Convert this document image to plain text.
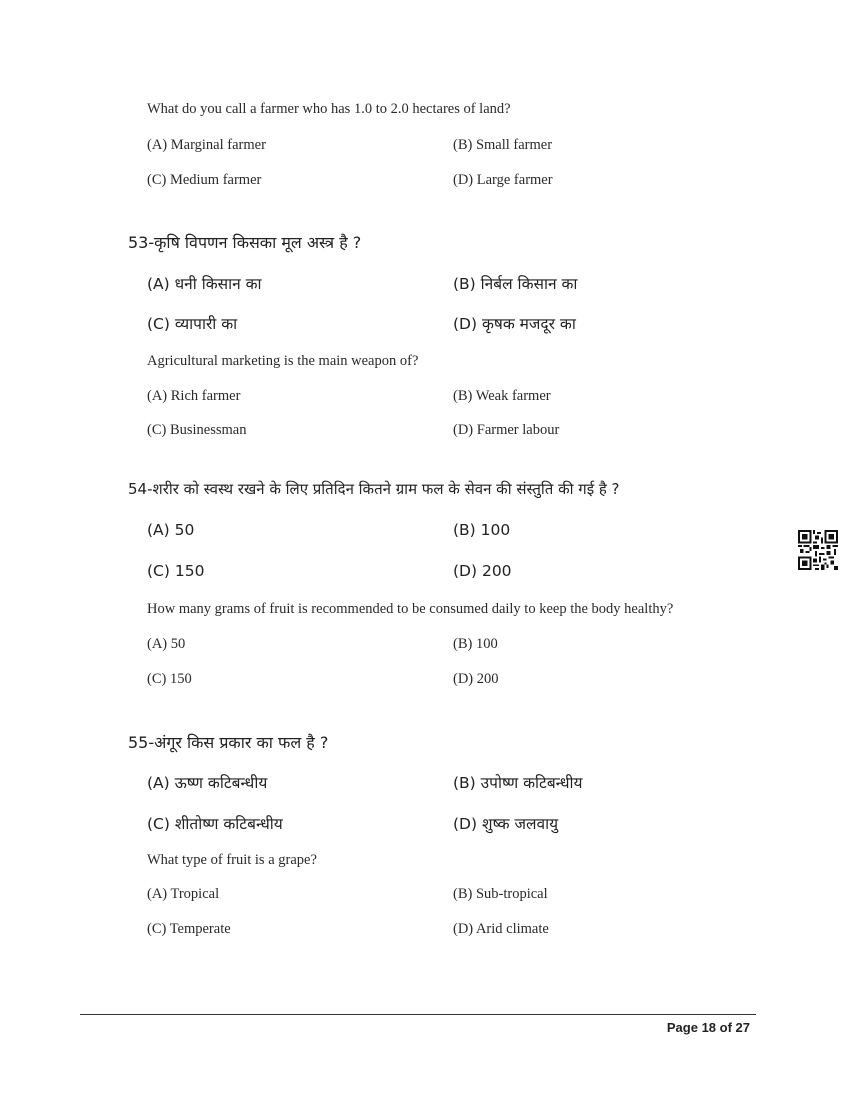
What do you call a farmer who has 1.0 to 2.0 hectares of land?
(A) Marginal farmer	(B) Small farmer
(C) Medium farmer	(D) Large farmer
53-कृषि विपणन किसका मूल अस्त्र है ?
(A) धनी किसान का	(B) निर्बल किसान का
(C) व्यापारी का	(D) कृषक मजदूर का
Agricultural marketing is the main weapon of?
(A) Rich farmer	(B) Weak farmer
(C) Businessman	(D) Farmer labour
54-शरीर को स्वस्थ रखने के लिए प्रतिदिन कितने ग्राम फल के सेवन की संस्तुति की गई है ?
(A) 50	(B) 100
(C) 150	(D) 200
How many grams of fruit is recommended to be consumed daily to keep the body healthy?
(A) 50	(B) 100
(C) 150	(D) 200
55-अंगूर किस प्रकार का फल है ?
(A) ऊष्ण कटिबन्धीय	(B) उपोष्ण कटिबन्धीय
(C) शीतोष्ण कटिबन्धीय	(D) शुष्क जलवायु
What type of fruit is a grape?
(A) Tropical	(B) Sub-tropical
(C) Temperate	(D) Arid climate
Page 18 of 27
